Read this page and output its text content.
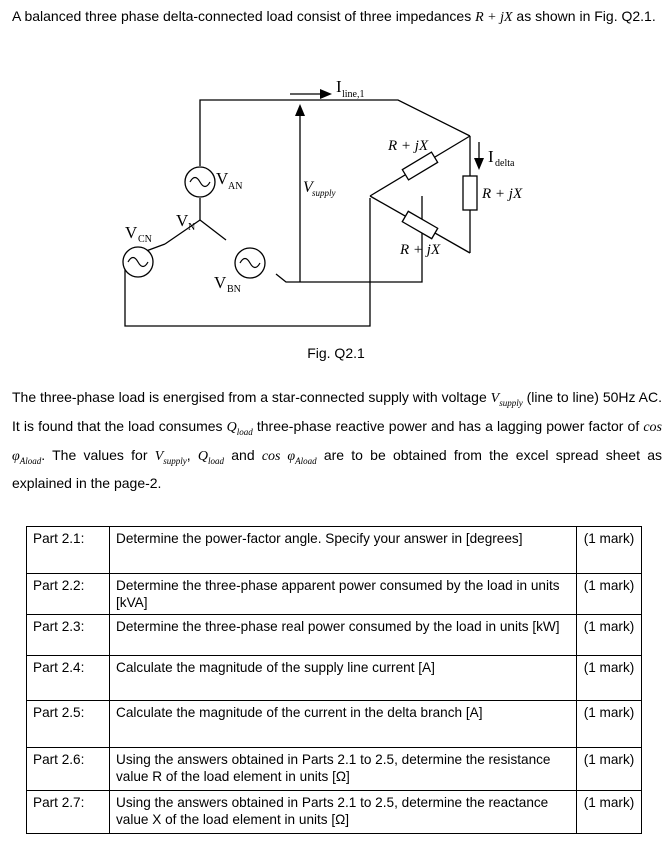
A balanced three phase delta-connected load consist of three impedances R + jX as shown in Fig. Q2.1.
I line,1
V AN
V BN
V CN
V N
V supply
I delta
R + jX
R + jX
R + jX
Fig. Q2.1
The three-phase load is energised from a star-connected supply with voltage $V_{supply}$ (line to line) 50Hz AC. It is found that the load consumes $Q_{load}$ three-phase reactive power and has a lagging power factor of $\cos \varphi_{Aload}$. The values for $V_{supply}$, $Q_{load}$ and $\cos \varphi_{Aload}$ are to be obtained from the excel spread sheet as explained in the page-2.
Part 2.1:	Determine the power-factor angle. Specify your answer in [degrees]	(1 mark)
Part 2.2:	Determine the three-phase apparent power consumed by the load in units [kVA]	(1 mark)
Part 2.3:	Determine the three-phase real power consumed by the load in units [kW]	(1 mark)
Part 2.4:	Calculate the magnitude of the supply line current [A]	(1 mark)
Part 2.5:	Calculate the magnitude of the current in the delta branch [A]	(1 mark)
Part 2.6:	Using the answers obtained in Parts 2.1 to 2.5, determine the resistance value R of the load element in units [Ω]	(1 mark)
Part 2.7:	Using the answers obtained in Parts 2.1 to 2.5, determine the reactance value X of the load element in units [Ω]	(1 mark)
